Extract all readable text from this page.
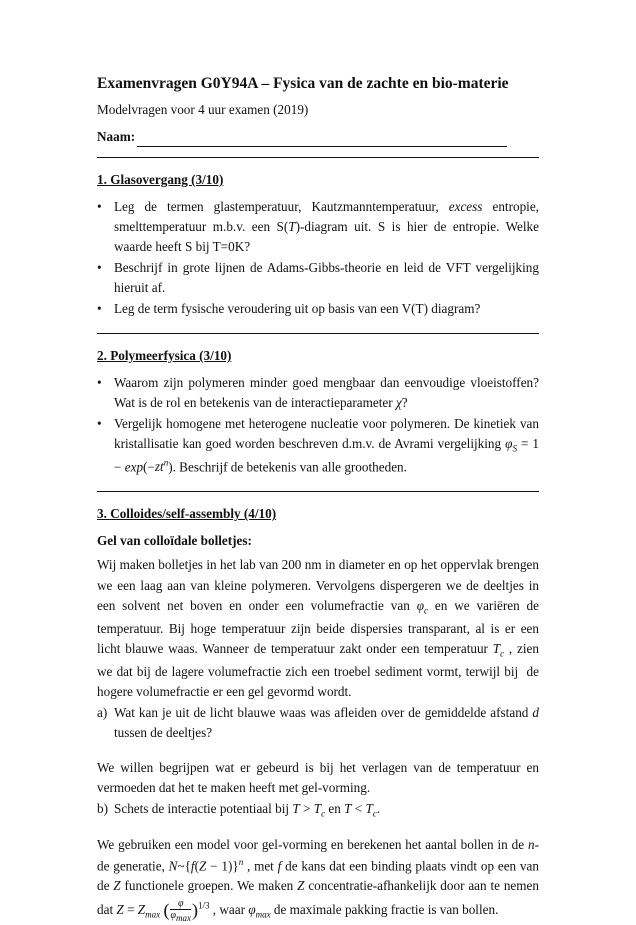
Examenvragen G0Y94A – Fysica van de zachte en bio-materie

Modelvragen voor 4 uur examen (2019)

Naam:

1. Glasovergang (3/10)

• Leg de termen glastemperatuur, Kautzmanntemperatuur, excess entropie, smelttemperatuur m.b.v. een S(T)-diagram uit. S is hier de entropie. Welke waarde heeft S bij T=0K?
• Beschrijf in grote lijnen de Adams-Gibbs-theorie en leid de VFT vergelijking hieruit af.
• Leg de term fysische veroudering uit op basis van een V(T) diagram?

2. Polymeerfysica (3/10)

• Waarom zijn polymeren minder goed mengbaar dan eenvoudige vloeistoffen? Wat is de rol en betekenis van de interactieparameter χ?
• Vergelijk homogene met heterogene nucleatie voor polymeren. De kinetiek van kristallisatie kan goed worden beschreven d.m.v. de Avrami vergelijking $\varphi_S = 1 - \exp(-zt^n)$. Beschrijf de betekenis van alle grootheden.

3. Colloides/self-assembly (4/10)

Gel van colloïdale bolletjes:

Wij maken bolletjes in het lab van 200 nm in diameter en op het oppervlak brengen we een laag aan van kleine polymeren. Vervolgens dispergeren we de deeltjes in een solvent net boven en onder een volumefractie van $\varphi_c$ en we variëren de temperatuur. Bij hoge temperatuur zijn beide dispersies transparant, al is er een licht blauwe waas. Wanneer de temperatuur zakt onder een temperatuur $T_c$ , zien we dat bij de lagere volumefractie zich een troebel sediment vormt, terwijl bij  de hogere volumefractie er een gel gevormd wordt.

a) Wat kan je uit de licht blauwe waas was afleiden over de gemiddelde afstand d tussen de deeltjes?

We willen begrijpen wat er gebeurd is bij het verlagen van de temperatuur en vermoeden dat het te maken heeft met gel-vorming.

b) Schets de interactie potentiaal bij $T > T_c$ en $T < T_c$.

We gebruiken een model voor gel-vorming en berekenen het aantal bollen in de n-de generatie, N~{f(Z − 1)}$^n$ , met f de kans dat een binding plaats vindt op een van de Z functionele groepen. We maken Z concentratie-afhankelijk door aan te nemen dat $Z = Z_{max}$ ( $\frac{\varphi}{\varphi_{max}} )^{1/3}$ , waar $\varphi_{max}$ de maximale pakking fractie is van bollen.
